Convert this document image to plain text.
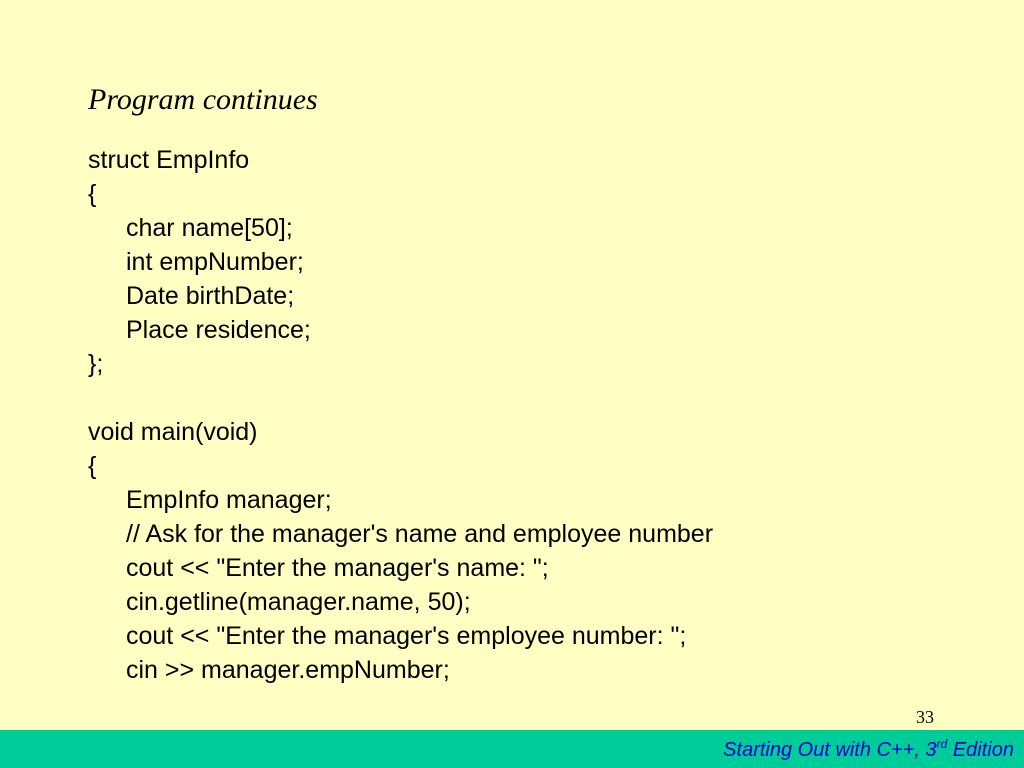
Program continues
struct EmpInfo
{
char name[50];
int empNumber;
Date birthDate;
Place residence;
};
void main(void)
{
EmpInfo manager;
// Ask for the manager's name and employee number
cout << "Enter the manager's name: ";
cin.getline(manager.name, 50);
cout << "Enter the manager's employee number: ";
cin >> manager.empNumber;
33
Starting Out with C++, 3rd Edition
